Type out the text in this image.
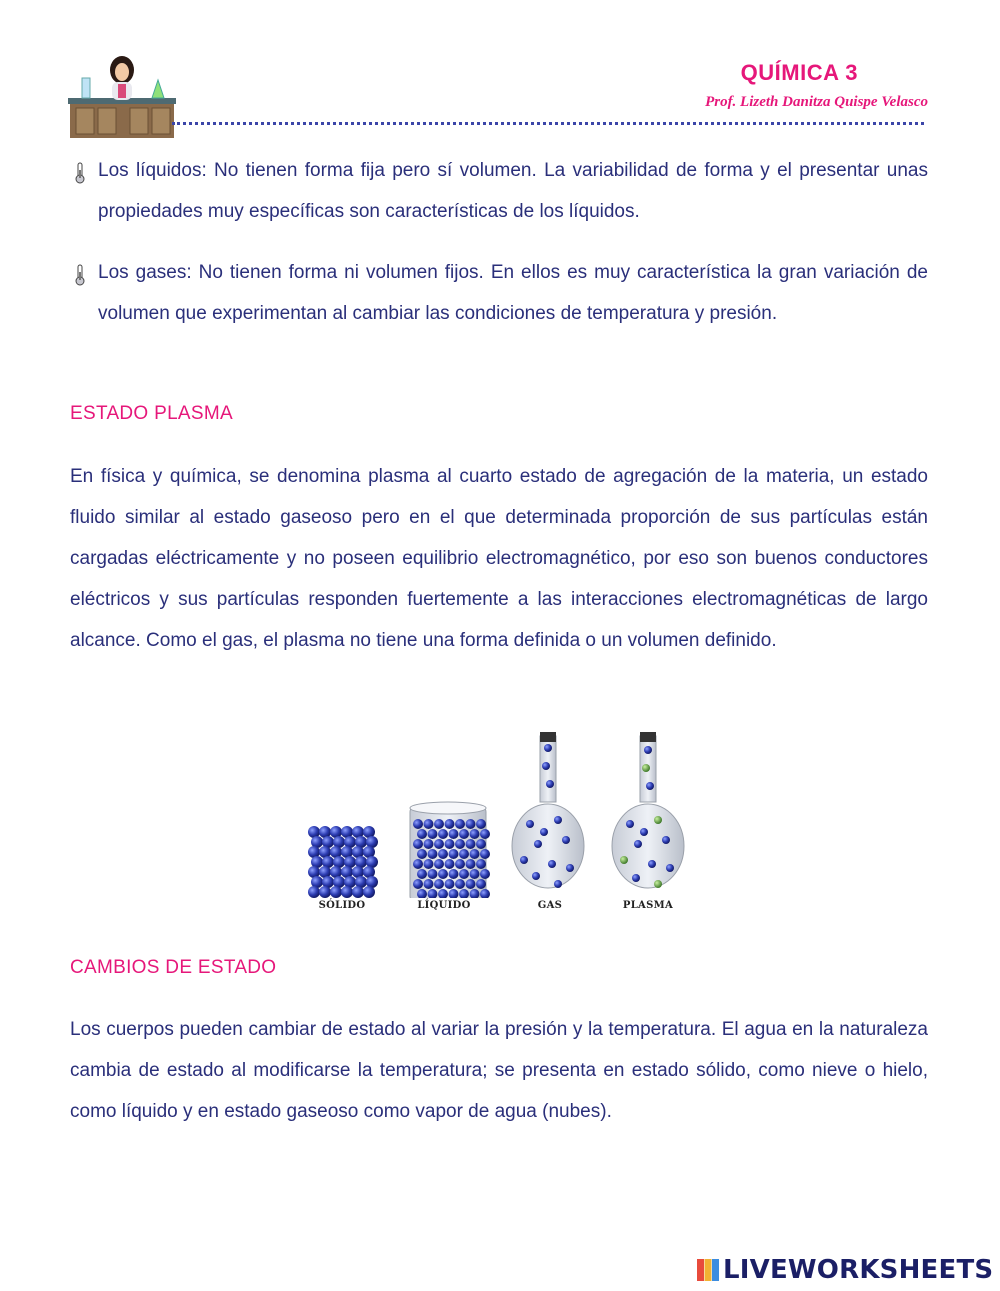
QUÍMICA 3
Prof. Lizeth Danitza Quispe Velasco
Los líquidos: No tienen forma fija pero sí volumen. La variabilidad de forma y el presentar unas propiedades muy específicas son características de los líquidos.
Los gases: No tienen forma ni volumen fijos. En ellos es muy característica la gran variación de volumen que experimentan al cambiar las condiciones de temperatura y presión.
ESTADO PLASMA
En física y química, se denomina plasma al cuarto estado de agregación de la materia, un estado fluido similar al estado gaseoso pero en el que determinada proporción de sus partículas están cargadas eléctricamente y no poseen equilibrio electromagnético, por eso son buenos conductores eléctricos y sus partículas responden fuertemente a las interacciones electromagnéticas de largo alcance. Como el gas, el plasma no tiene una forma definida o un volumen definido.
SÓLIDO	LÍQUIDO	GAS	PLASMA
CAMBIOS DE ESTADO
Los cuerpos pueden cambiar de estado al variar la presión y la temperatura. El agua en la naturaleza cambia de estado al modificarse la temperatura; se presenta en estado sólido, como nieve o hielo, como líquido y en estado gaseoso como vapor de agua (nubes).
LIVEWORKSHEETS
